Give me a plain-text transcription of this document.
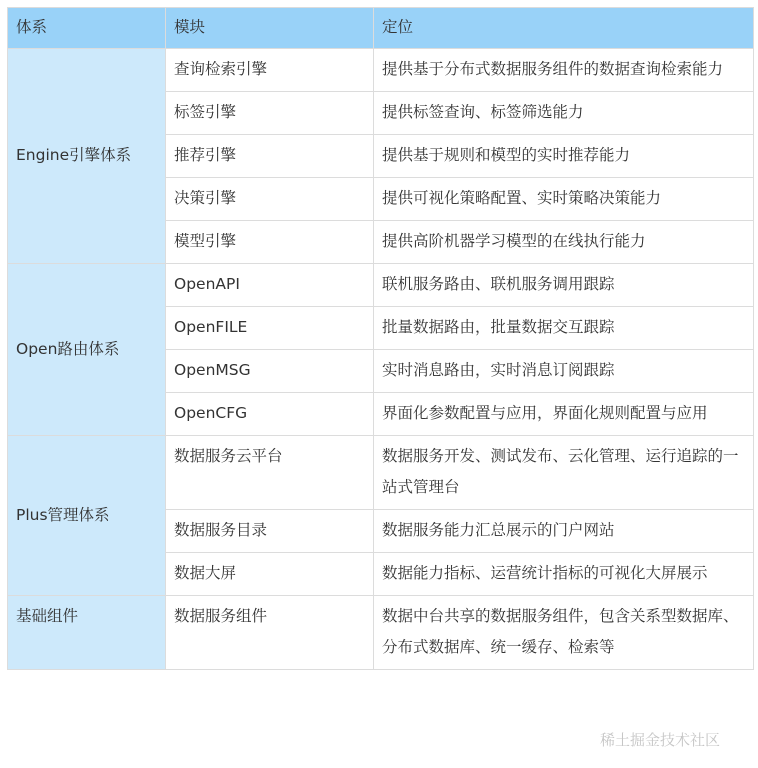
体系	模块	定位
Engine引擎体系	查询检索引擎	提供基于分布式数据服务组件的数据查询检索能力
	标签引擎	提供标签查询、标签筛选能力
	推荐引擎	提供基于规则和模型的实时推荐能力
	决策引擎	提供可视化策略配置、实时策略决策能力
	模型引擎	提供高阶机器学习模型的在线执行能力
Open路由体系	OpenAPI	联机服务路由、联机服务调用跟踪
	OpenFILE	批量数据路由，批量数据交互跟踪
	OpenMSG	实时消息路由，实时消息订阅跟踪
	OpenCFG	界面化参数配置与应用，界面化规则配置与应用
Plus管理体系	数据服务云平台	数据服务开发、测试发布、云化管理、运行追踪的一站式管理台
	数据服务目录	数据服务能力汇总展示的门户网站
	数据大屏	数据能力指标、运营统计指标的可视化大屏展示
基础组件	数据服务组件	数据中台共享的数据服务组件，包含关系型数据库、分布式数据库、统一缓存、检索等
稀土掘金技术社区
